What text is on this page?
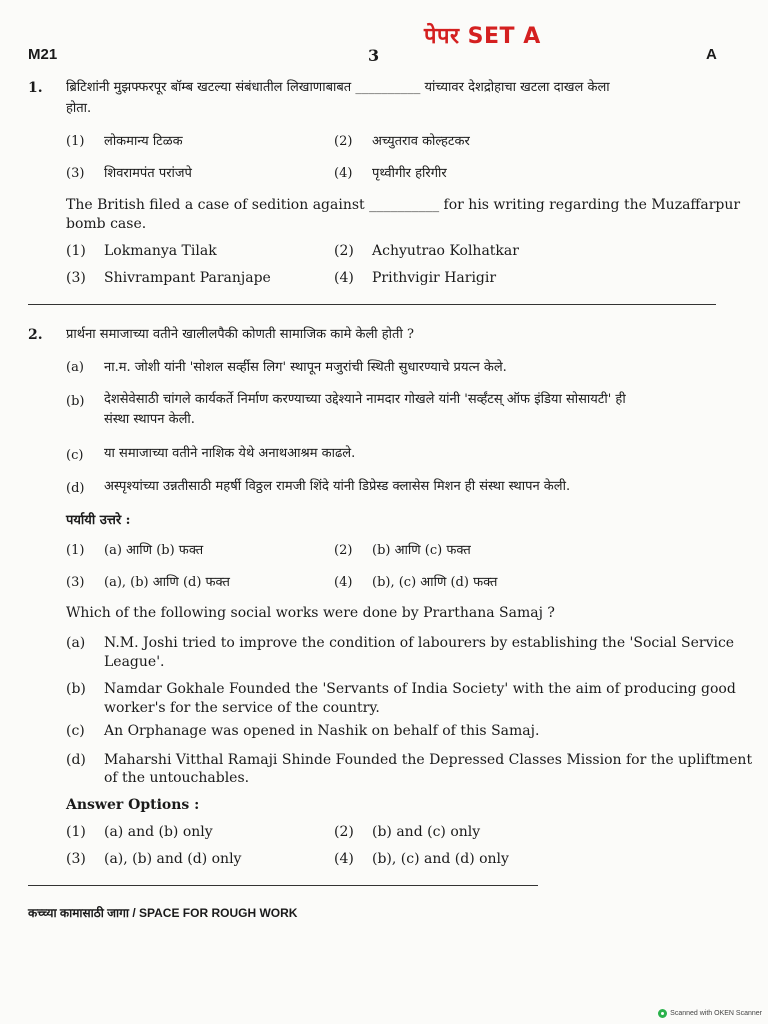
पेपर SET A
M21	3	A
1. ब्रिटिशांनी मुझफ्फरपूर बॉम्ब खटल्या संबंधातील लिखाणाबाबत __________ यांच्यावर देशद्रोहाचा खटला दाखल केला
होता.
(1) लोकमान्य टिळक	(2) अच्युतराव कोल्हटकर
(3) शिवरामपंत परांजपे	(4) पृथ्वीगीर हरिगीर
The British filed a case of sedition against __________ for his writing regarding the Muzaffarpur
bomb case.
(1) Lokmanya Tilak	(2) Achyutrao Kolhatkar
(3) Shivrampant Paranjape	(4) Prithvigir Harigir
2. प्रार्थना समाजाच्या वतीने खालीलपैकी कोणती सामाजिक कामे केली होती ?
(a) ना.म. जोशी यांनी 'सोशल सर्व्हीस लिग' स्थापून मजुरांची स्थिती सुधारण्याचे प्रयत्न केले.
(b) देशसेवेसाठी चांगले कार्यकर्ते निर्माण करण्याच्या उद्देश्याने नामदार गोखले यांनी 'सर्व्हंटस् ऑफ इंडिया सोसायटी' ही
संस्था स्थापन केली.
(c) या समाजाच्या वतीने नाशिक येथे अनाथआश्रम काढले.
(d) अस्पृश्यांच्या उन्नतीसाठी महर्षी विठ्ठल रामजी शिंदे यांनी डिप्रेस्ड क्लासेस मिशन ही संस्था स्थापन केली.
पर्यायी उत्तरे :
(1) (a) आणि (b) फक्त	(2) (b) आणि (c) फक्त
(3) (a), (b) आणि (d) फक्त	(4) (b), (c) आणि (d) फक्त
Which of the following social works were done by Prarthana Samaj ?
(a) N.M. Joshi tried to improve the condition of labourers by establishing the 'Social Service
League'.
(b) Namdar Gokhale Founded the 'Servants of India Society' with the aim of producing good
worker's for the service of the country.
(c) An Orphanage was opened in Nashik on behalf of this Samaj.
(d) Maharshi Vitthal Ramaji Shinde Founded the Depressed Classes Mission for the upliftment
of the untouchables.
Answer Options :
(1) (a) and (b) only	(2) (b) and (c) only
(3) (a), (b) and (d) only	(4) (b), (c) and (d) only
कच्च्या कामासाठी जागा / SPACE FOR ROUGH WORK
Scanned with OKEN Scanner
